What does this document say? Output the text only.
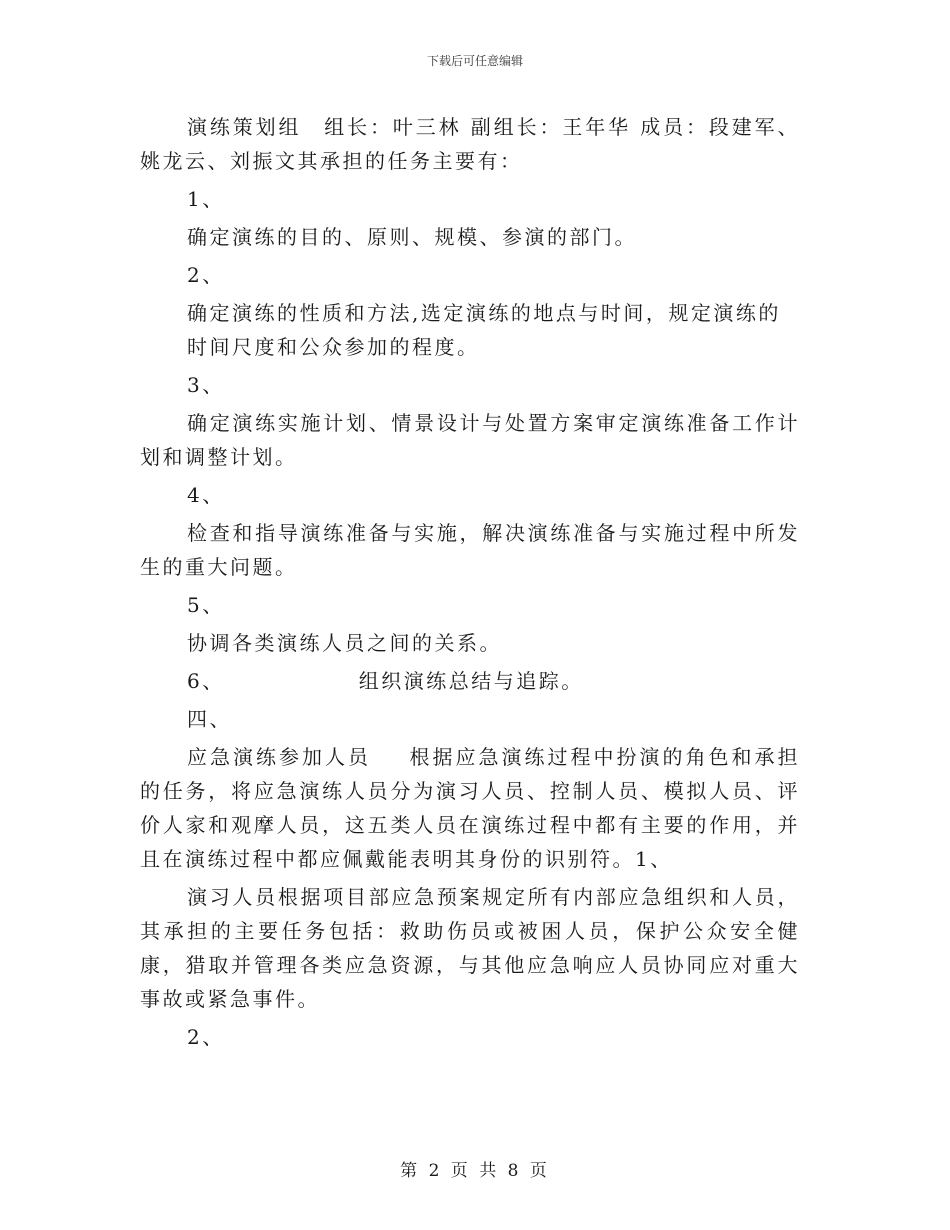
下载后可任意编辑

演练策划组　组长：叶三林 副组长：王年华 成员：段建军、姚龙云、刘振文其承担的任务主要有：

1、

确定演练的目的、原则、规模、参演的部门。

2、

确定演练的性质和方法,选定演练的地点与时间，规定演练的

时间尺度和公众参加的程度。

3、

确定演练实施计划、情景设计与处置方案审定演练准备工作计划和调整计划。

4、

检查和指导演练准备与实施，解决演练准备与实施过程中所发生的重大问题。

5、

协调各类演练人员之间的关系。

6、	组织演练总结与追踪。

四、

应急演练参加人员 根据应急演练过程中扮演的角色和承担的任务，将应急演练人员分为演习人员、控制人员、模拟人员、评价人家和观摩人员，这五类人员在演练过程中都有主要的作用，并且在演练过程中都应佩戴能表明其身份的识别符。1、

演习人员根据项目部应急预案规定所有内部应急组织和人员，其承担的主要任务包括：救助伤员或被困人员，保护公众安全健康，猎取并管理各类应急资源，与其他应急响应人员协同应对重大事故或紧急事件。

2、

第 2 页 共 8 页
